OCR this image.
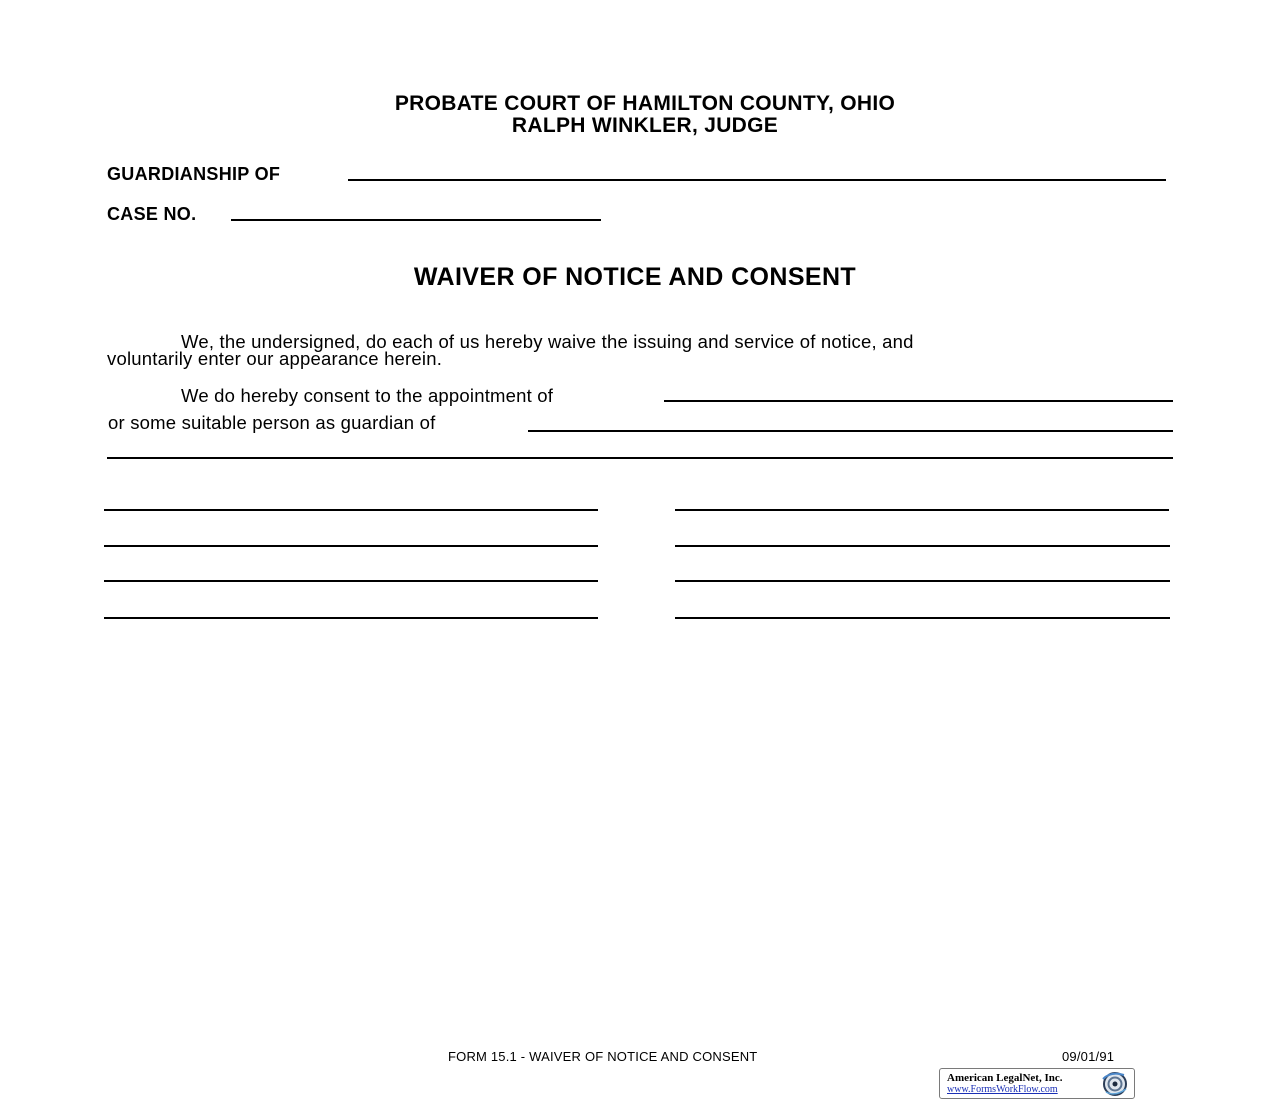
PROBATE COURT OF HAMILTON COUNTY, OHIO
RALPH WINKLER, JUDGE
GUARDIANSHIP OF
CASE NO.
WAIVER OF NOTICE AND CONSENT
We, the undersigned, do each of us hereby waive the issuing and service of notice, and
voluntarily enter our appearance herein.
We do hereby consent to the appointment of
or some suitable person as guardian of
FORM 15.1 - WAIVER OF NOTICE AND CONSENT	09/01/91
American LegalNet, Inc.
www.FormsWorkFlow.com
